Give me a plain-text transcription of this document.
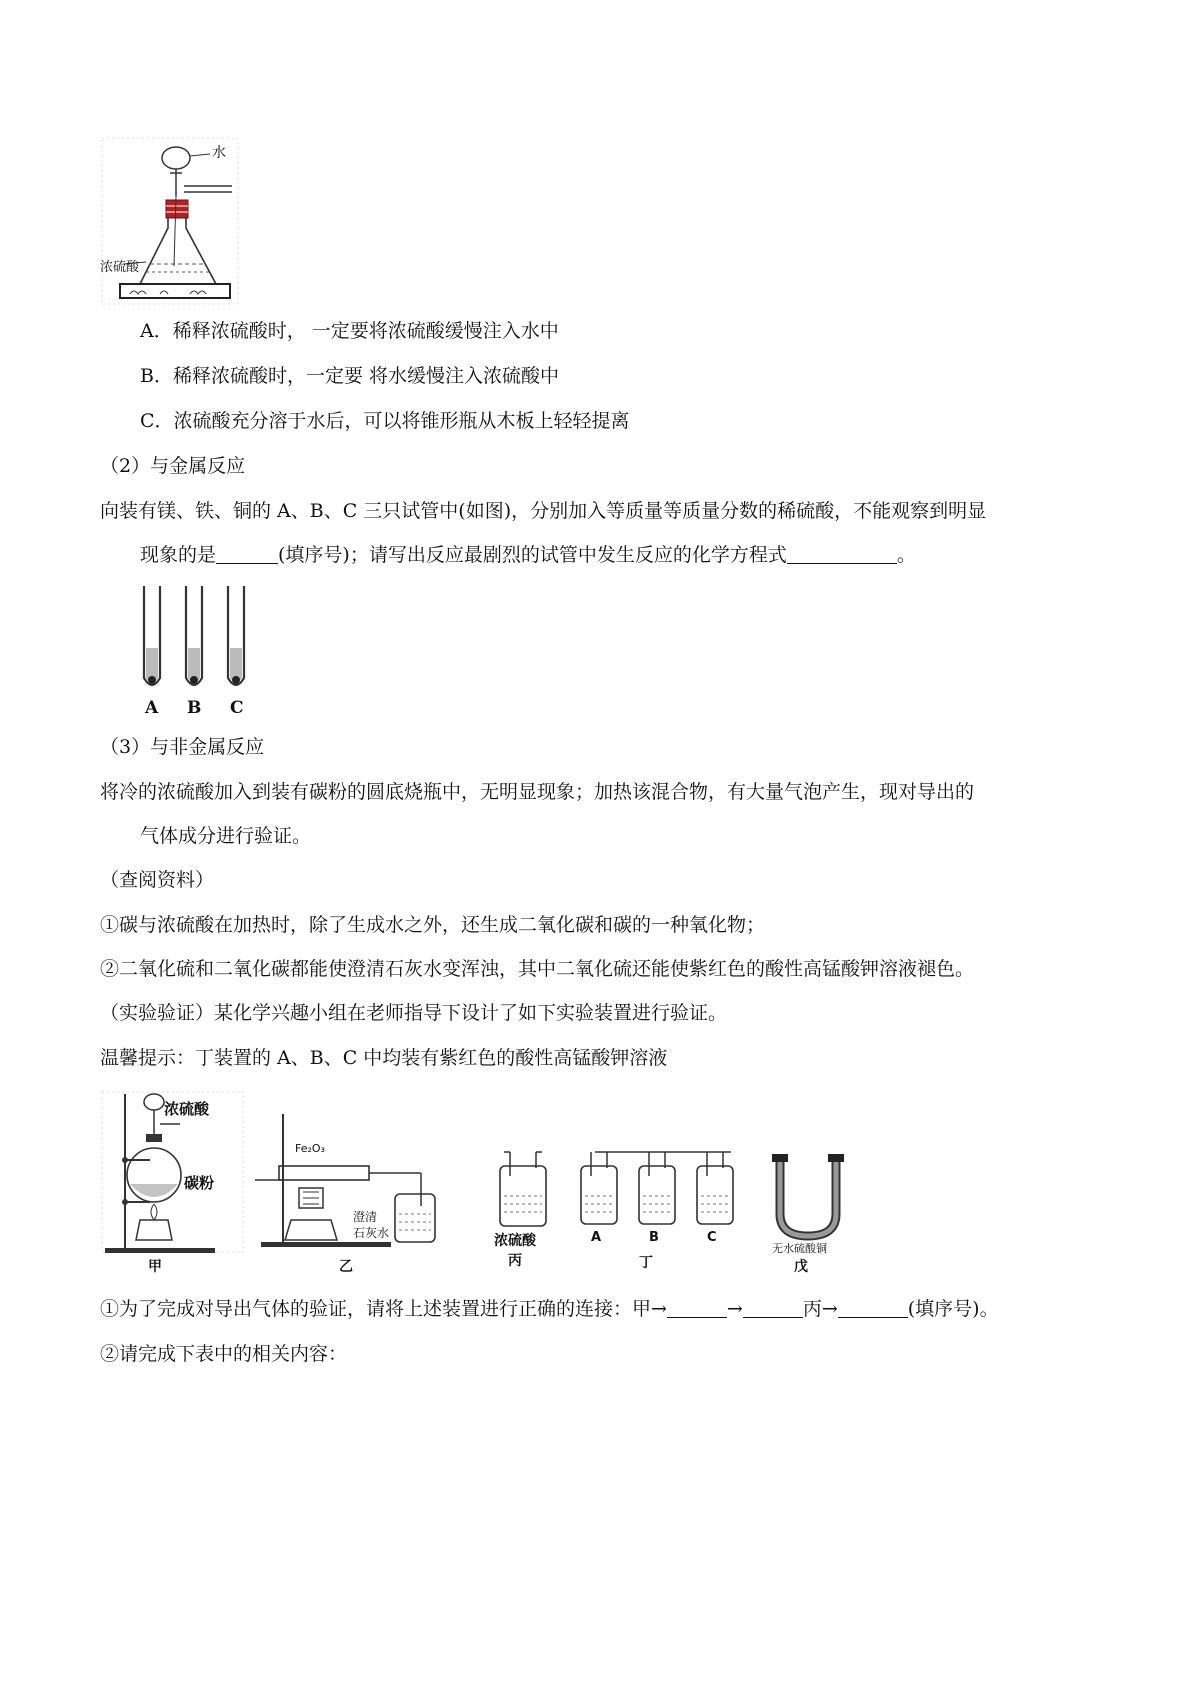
水
浓硫酸
A．稀释浓硫酸时， 一定要将浓硫酸缓慢注入水中
B．稀释浓硫酸时，一定要 将水缓慢注入浓硫酸中
C．浓硫酸充分溶于水后，可以将锥形瓶从木板上轻轻提离
（2）与金属反应
向装有镁、铁、铜的 A、B、C 三只试管中(如图)，分别加入等质量等质量分数的稀硫酸，不能观察到明显
现象的是	(填序号)；请写出反应最剧烈的试管中发生反应的化学方程式	。
A B C
（3）与非金属反应
将冷的浓硫酸加入到装有碳粉的圆底烧瓶中，无明显现象；加热该混合物，有大量气泡产生，现对导出的
气体成分进行验证。
（查阅资料）
①碳与浓硫酸在加热时，除了生成水之外，还生成二氧化碳和碳的一种氧化物；
②二氧化硫和二氧化碳都能使澄清石灰水变浑浊，其中二氧化硫还能使紫红色的酸性高锰酸钾溶液褪色。
（实验验证）某化学兴趣小组在老师指导下设计了如下实验装置进行验证。
温馨提示：丁装置的 A、B、C 中均装有紫红色的酸性高锰酸钾溶液
浓硫酸
碳粉
甲
Fe₂O₃
澄清
石灰水
乙
浓硫酸
丙
A	B	C
丁
无水硫酸铜
戊
①为了完成对导出气体的验证，请将上述装置进行正确的连接：甲→	→	丙→	(填序号)。
②请完成下表中的相关内容：
